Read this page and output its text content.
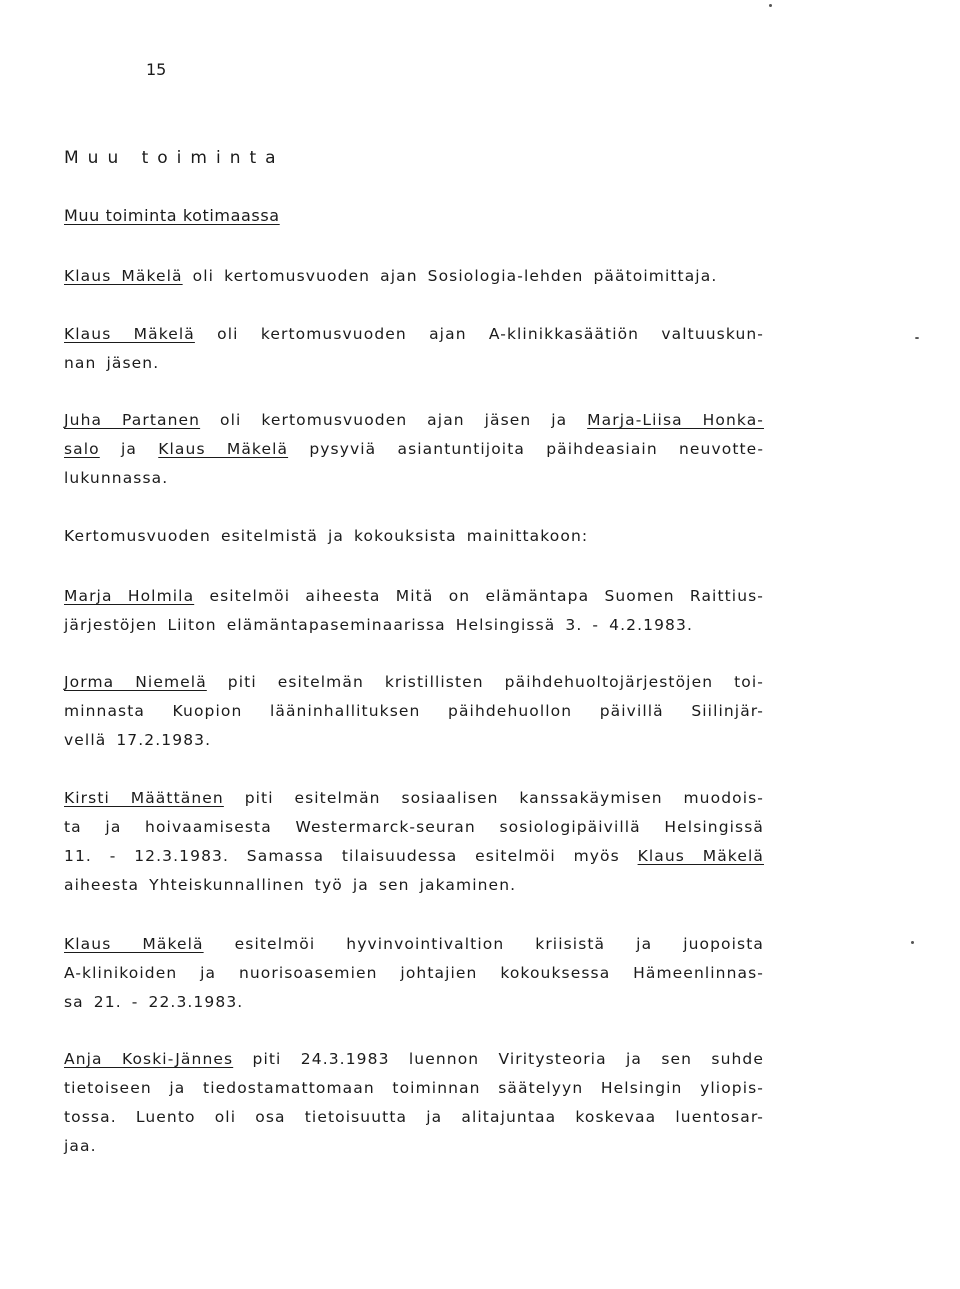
15
Muu toiminta
Muu toiminta kotimaassa
Klaus Mäkelä oli kertomusvuoden ajan Sosiologia-lehden päätoimittaja.
Klaus Mäkelä oli kertomusvuoden ajan A-klinikkasäätiön valtuuskun-
nan jäsen.
Juha Partanen oli kertomusvuoden ajan jäsen ja Marja-Liisa Honka-
salo ja Klaus Mäkelä pysyviä asiantuntijoita päihdeasiain neuvotte-
lukunnassa.
Kertomusvuoden esitelmistä ja kokouksista mainittakoon:
Marja Holmila esitelmöi aiheesta Mitä on elämäntapa Suomen Raittius-
järjestöjen Liiton elämäntapaseminaarissa Helsingissä 3. - 4.2.1983.
Jorma Niemelä piti esitelmän kristillisten päihdehuoltojärjestöjen toi-
minnasta Kuopion lääninhallituksen päihdehuollon päivillä Siilinjär-
vellä 17.2.1983.
Kirsti Määttänen piti esitelmän sosiaalisen kanssakäymisen muodois-
ta ja hoivaamisesta Westermarck-seuran sosiologipäivillä Helsingissä
11. - 12.3.1983. Samassa tilaisuudessa esitelmöi myös Klaus Mäkelä
aiheesta Yhteiskunnallinen työ ja sen jakaminen.
Klaus Mäkelä esitelmöi hyvinvointivaltion kriisistä ja juopoista
A-klinikoiden ja nuorisoasemien johtajien kokouksessa Hämeenlinnas-
sa 21. - 22.3.1983.
Anja Koski-Jännes piti 24.3.1983 luennon Viritysteoria ja sen suhde
tietoiseen ja tiedostamattomaan toiminnan säätelyyn Helsingin yliopis-
tossa. Luento oli osa tietoisuutta ja alitajuntaa koskevaa luentosar-
jaa.
